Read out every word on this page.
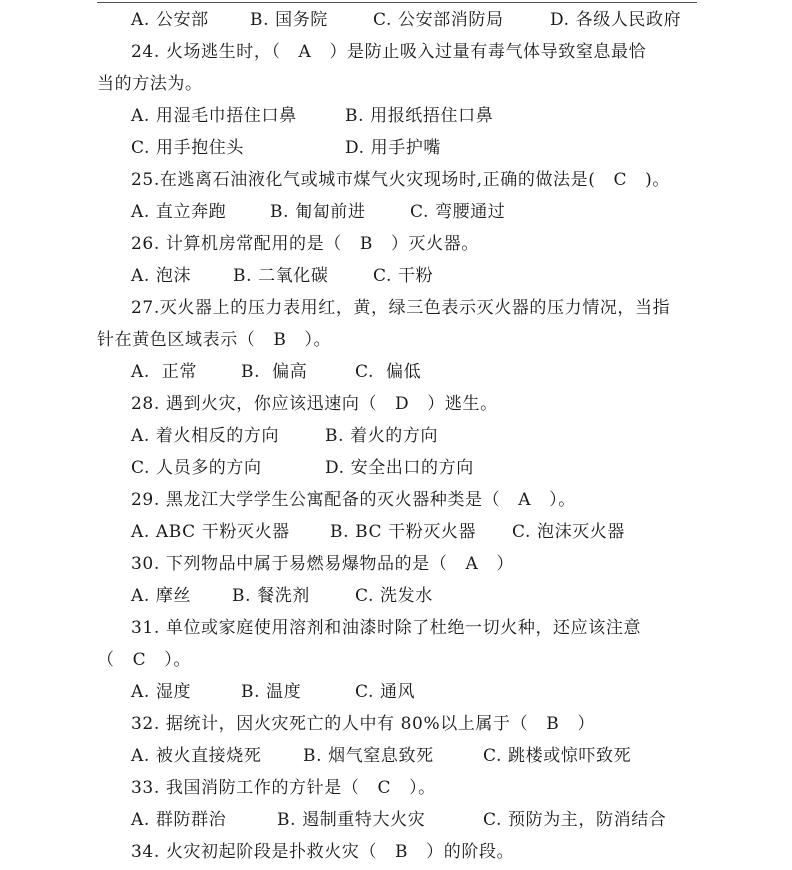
A. 公安部 B. 国务院	C. 公安部消防局	D. 各级人民政府
24. 火场逃生时，（   A   ）是防止吸入过量有毒气体导致窒息最恰
当的方法为。
A. 用湿毛巾捂住口鼻	B. 用报纸捂住口鼻
C. 用手抱住头	D. 用手护嘴
25.在逃离石油液化气或城市煤气火灾现场时,正确的做法是(   C   )。
A. 直立奔跑	B. 匍匐前进	C. 弯腰通过
26. 计算机房常配用的是（   B   ）灭火器。
A. 泡沫 B. 二氧化碳	C. 干粉
27.灭火器上的压力表用红，黄，绿三色表示灭火器的压力情况，当指
针在黄色区域表示（   B   ）。
A.  正常	B.  偏高	C.  偏低
28. 遇到火灾，你应该迅速向（   D   ）逃生。
A. 着火相反的方向	B. 着火的方向
C. 人员多的方向	D. 安全出口的方向
29. 黑龙江大学学生公寓配备的灭火器种类是（   A   ）。
A. ABC 干粉灭火器 B. BC 干粉灭火器 C. 泡沫灭火器
30. 下列物品中属于易燃易爆物品的是（   A   ）
A. 摩丝 B. 餐洗剂	C. 洗发水
31. 单位或家庭使用溶剂和油漆时除了杜绝一切火种，还应该注意
（   C   ）。
A. 湿度	B. 温度	C. 通风
32. 据统计，因火灾死亡的人中有 80%以上属于（   B   ）
A. 被火直接烧死 B. 烟气窒息致死	C. 跳楼或惊吓致死
33. 我国消防工作的方针是（   C   ）。
A. 群防群治	B. 遏制重特大火灾	C. 预防为主，防消结合
34. 火灾初起阶段是扑救火灾（   B   ）的阶段。
